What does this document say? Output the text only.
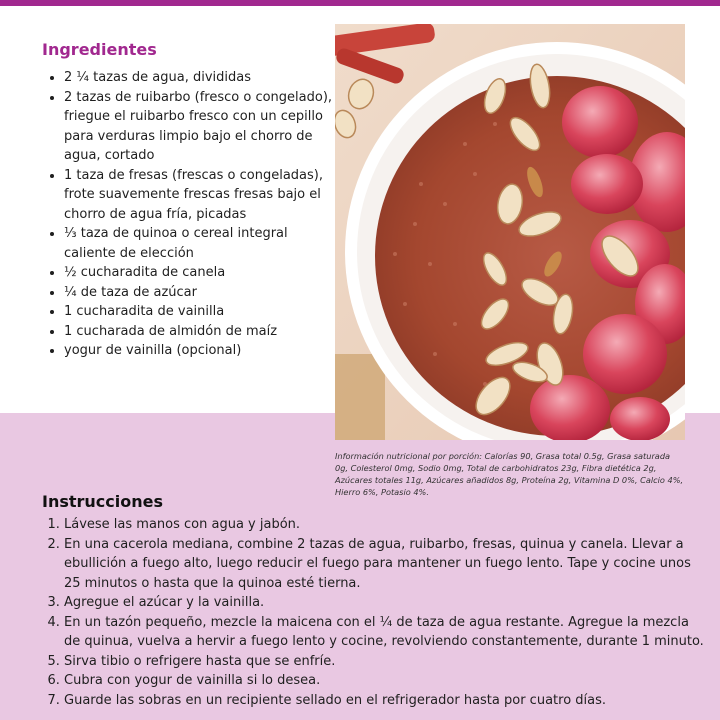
Ingredientes
• 2 ¼ tazas de agua, divididas
• 2 tazas de ruibarbo (fresco o congelado), friegue el ruibarbo fresco con un cepillo para verduras limpio bajo el chorro de agua, cortado
• 1 taza de fresas (frescas o congeladas), frote suavemente frescas fresas bajo el chorro de agua fría, picadas
• ⅓ taza de quinoa o cereal integral caliente de elección
• ½ cucharadita de canela
• ¼ de taza de azúcar
• 1 cucharadita de vainilla
• 1 cucharada de almidón de maíz
• yogur de vainilla (opcional)

Información nutricional por porción: Calorías 90, Grasa total 0.5g, Grasa saturada 0g, Colesterol 0mg, Sodio 0mg, Total de carbohidratos 23g, Fibra dietética 2g, Azúcares totales 11g, Azúcares añadidos 8g, Proteína 2g, Vitamina D 0%, Calcio 4%, Hierro 6%, Potasio 4%.

Instrucciones
1. Lávese las manos con agua y jabón.
2. En una cacerola mediana, combine 2 tazas de agua, ruibarbo, fresas, quinua y canela. Llevar a ebullición a fuego alto, luego reducir el fuego para mantener un fuego lento. Tape y cocine unos 25 minutos o hasta que la quinoa esté tierna.
3. Agregue el azúcar y la vainilla.
4. En un tazón pequeño, mezcle la maicena con el ¼ de taza de agua restante. Agregue la mezcla de quinua, vuelva a hervir a fuego lento y cocine, revolviendo constantemente, durante 1 minuto.
5. Sirva tibio o refrigere hasta que se enfríe.
6. Cubra con yogur de vainilla si lo desea.
7. Guarde las sobras en un recipiente sellado en el refrigerador hasta por cuatro días.
